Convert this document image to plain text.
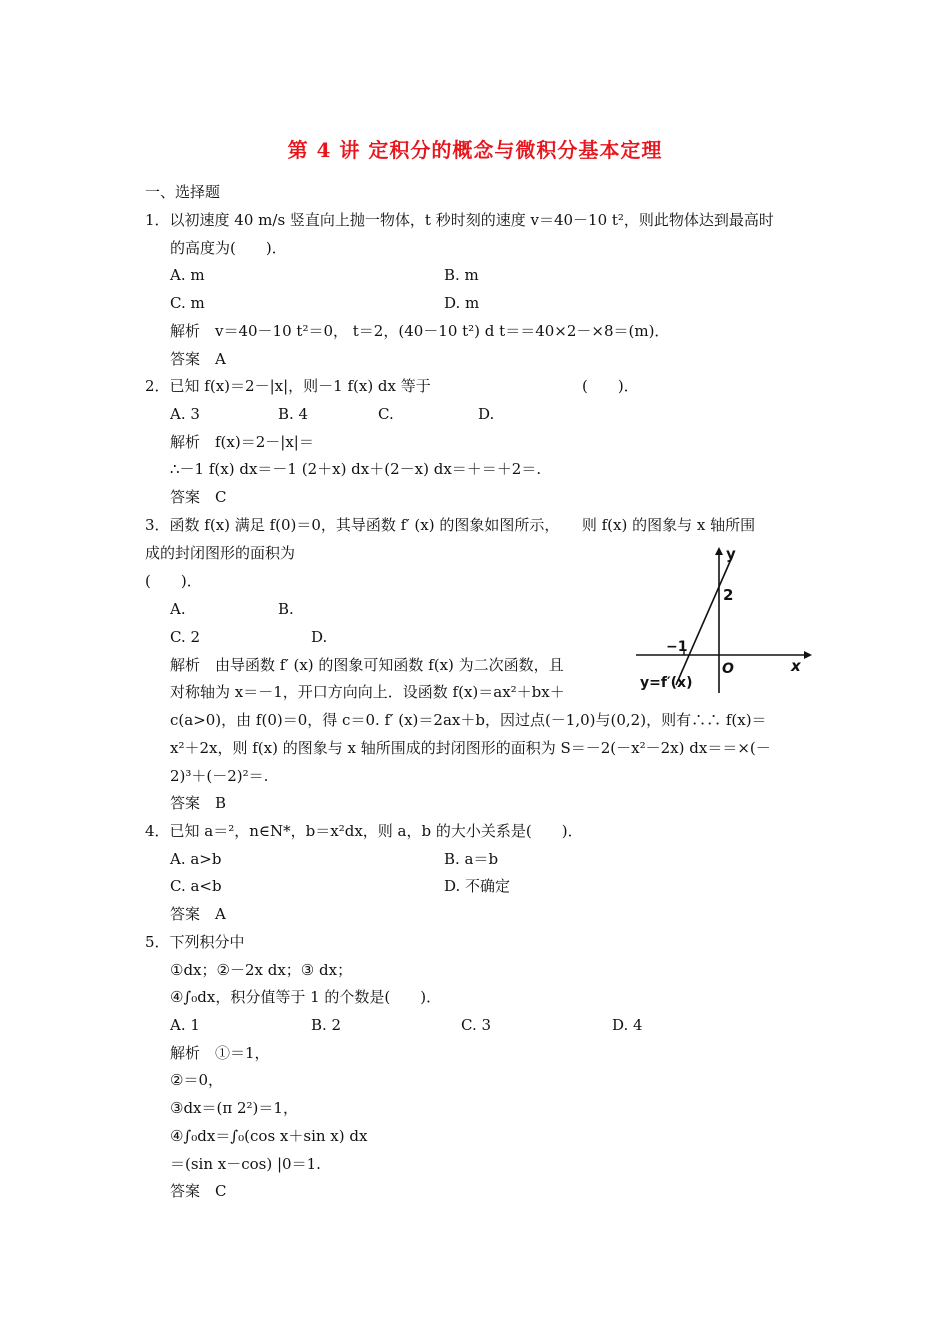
第 4 讲 定积分的概念与微积分基本定理
一、选择题
1．以初速度 40 m/s 竖直向上抛一物体，t 秒时刻的速度 v＝40－10 t²，则此物体达到最高时
的高度为(　　)．
A. m	B. m
C. m	D. m
解析　v＝40－10 t²＝0， t＝2，(40－10 t²) d t＝＝40×2－×8＝(m)．
答案　A
2．已知 f(x)＝2－|x|，则－1 f(x) dx 等于	(　　)．
A. 3	B. 4	C.	D.
解析　f(x)＝2－|x|＝
∴－1 f(x) dx＝－1 (2＋x) dx＋(2－x) dx＝＋＝＋2＝.
答案　C
3．函数 f(x) 满足 f(0)＝0，其导函数 f′ (x) 的图象如图所示，　　则 f(x) 的图象与 x 轴所围
成的封闭图形的面积为
(　　)．
A.	B.
C. 2	D.
解析　由导函数 f′ (x) 的图象可知函数 f(x) 为二次函数，且
对称轴为 x＝－1，开口方向向上．设函数 f(x)＝ax²＋bx＋
c(a>0)，由 f(0)＝0，得 c＝0. f′ (x)＝2ax＋b，因过点(－1,0)与(0,2)，则有∴∴ f(x)＝
x²＋2x，则 f(x) 的图象与 x 轴所围成的封闭图形的面积为 S＝－2(－x²－2x) dx＝＝×(－
2)³＋(－2)²＝.
答案　B
y
x
O
2
−1
y=f′(x)
4．已知 a＝²，n∈N*，b＝x²dx，则 a，b 的大小关系是(　　)．
A. a>b	B. a＝b
C. a<b	D. 不确定
答案　A
5．下列积分中
①dx；②－2x dx；③ dx；
④∫₀dx，积分值等于 1 的个数是(　　)．
A. 1	B. 2	C. 3	D. 4
解析　①＝1，
②＝0，
③dx＝(π 2²)＝1，
④∫₀dx＝∫₀(cos x＋sin x) dx
＝(sin x－cos) |0＝1.
答案　C
